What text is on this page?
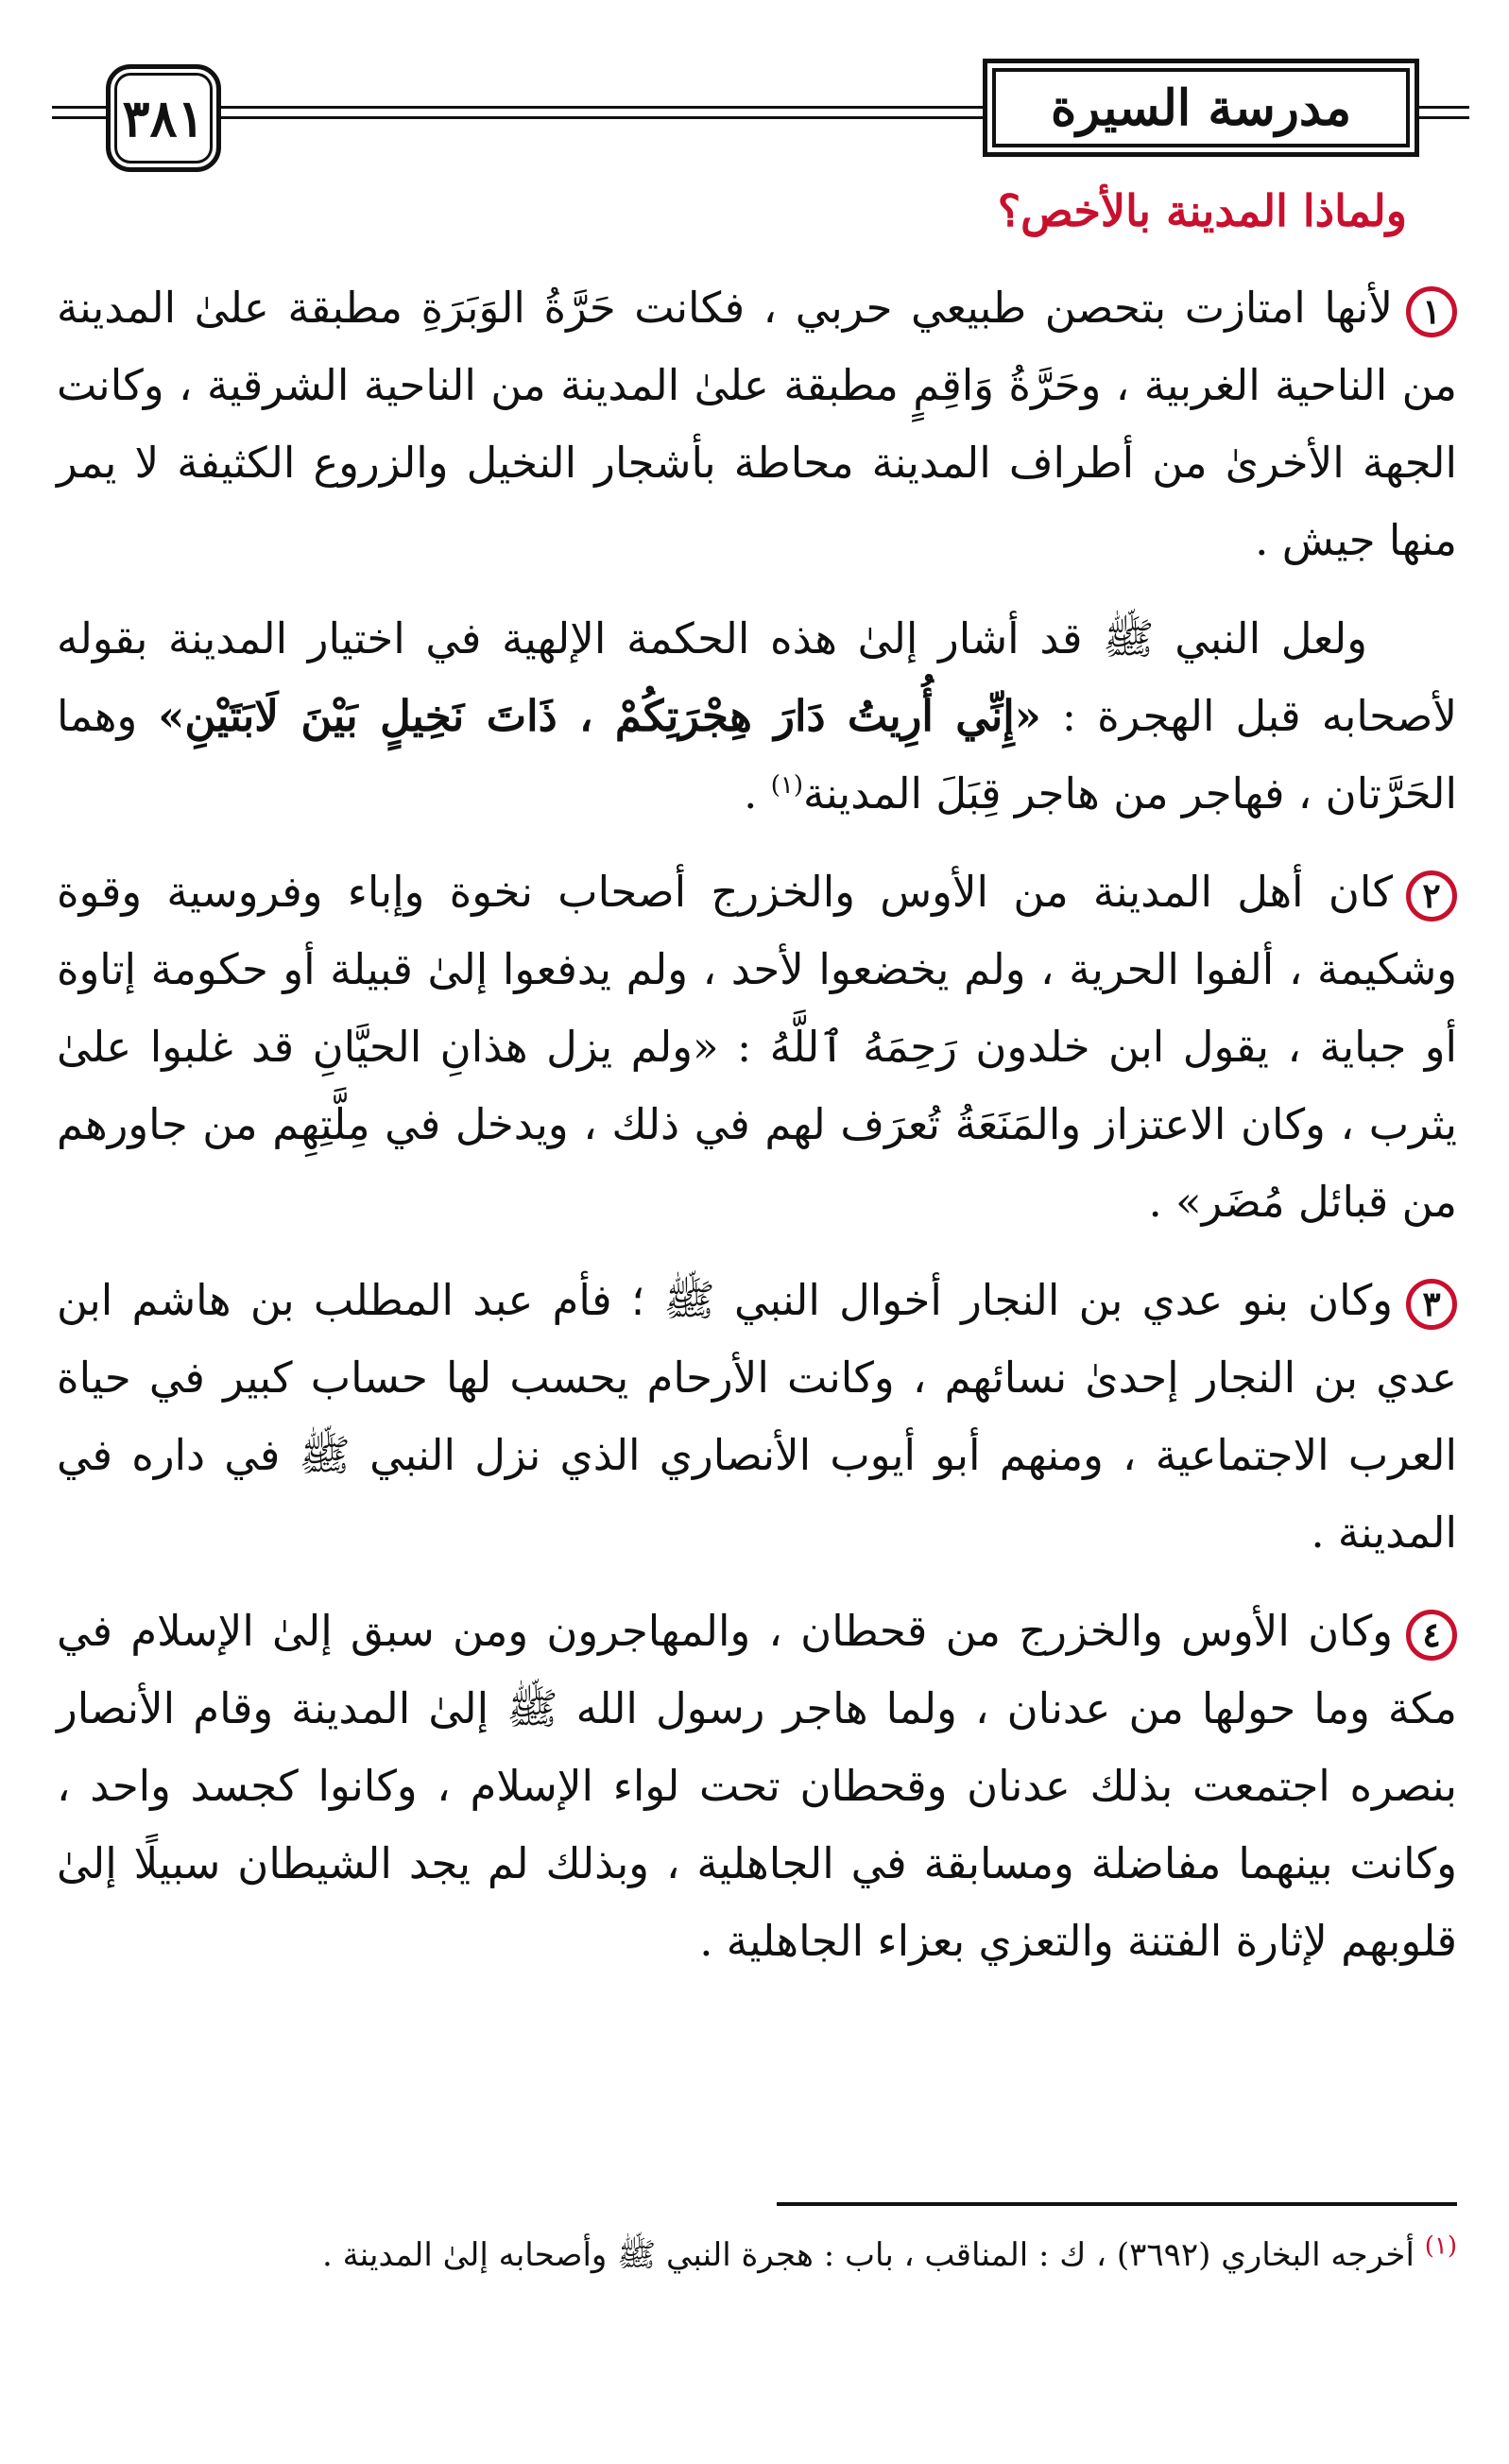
٣٨١	مدرسة السيرة
ولماذا المدينة بالأخص؟

١لأنها امتازت بتحصن طبيعي حربي ، فكانت حَرَّةُ الوَبَرَةِ مطبقة علىٰ المدينة من الناحية الغربية ، وحَرَّةُ وَاقِمٍ مطبقة علىٰ المدينة من الناحية الشرقية ، وكانت الجهة الأخرىٰ من أطراف المدينة محاطة بأشجار النخيل والزروع الكثيفة لا يمر منها جيش .

ولعل النبي ﷺ قد أشار إلىٰ هذه الحكمة الإلهية في اختيار المدينة بقوله لأصحابه قبل الهجرة : «إِنِّي أُرِيتُ دَارَ هِجْرَتِكُمْ ، ذَاتَ نَخِيلٍ بَيْنَ لَابَتَيْنِ» وهما الحَرَّتان ، فهاجر من هاجر قِبَلَ المدينة$^{(١)}$ .

٢كان أهل المدينة من الأوس والخزرج أصحاب نخوة وإباء وفروسية وقوة وشكيمة ، ألفوا الحرية ، ولم يخضعوا لأحد ، ولم يدفعوا إلىٰ قبيلة أو حكومة إتاوة أو جباية ، يقول ابن خلدون رَحِمَهُ ٱللَّهُ : «ولم يزل هذانِ الحيَّانِ قد غلبوا علىٰ يثرب ، وكان الاعتزاز والمَنَعَةُ تُعرَف لهم في ذلك ، ويدخل في مِلَّتِهِم من جاورهم من قبائل مُضَر» .

٣وكان بنو عدي بن النجار أخوال النبي ﷺ ؛ فأم عبد المطلب بن هاشم ابن عدي بن النجار إحدىٰ نسائهم ، وكانت الأرحام يحسب لها حساب كبير في حياة العرب الاجتماعية ، ومنهم أبو أيوب الأنصاري الذي نزل النبي ﷺ في داره في المدينة .

٤وكان الأوس والخزرج من قحطان ، والمهاجرون ومن سبق إلىٰ الإسلام في مكة وما حولها من عدنان ، ولما هاجر رسول الله ﷺ إلىٰ المدينة وقام الأنصار بنصره اجتمعت بذلك عدنان وقحطان تحت لواء الإسلام ، وكانوا كجسد واحد ، وكانت بينهما مفاضلة ومسابقة في الجاهلية ، وبذلك لم يجد الشيطان سبيلًا إلىٰ قلوبهم لإثارة الفتنة والتعزي بعزاء الجاهلية .

$^{(١)}$ أخرجه البخاري (٣٦٩٢) ، ك : المناقب ، باب : هجرة النبي ﷺ وأصحابه إلىٰ المدينة .
